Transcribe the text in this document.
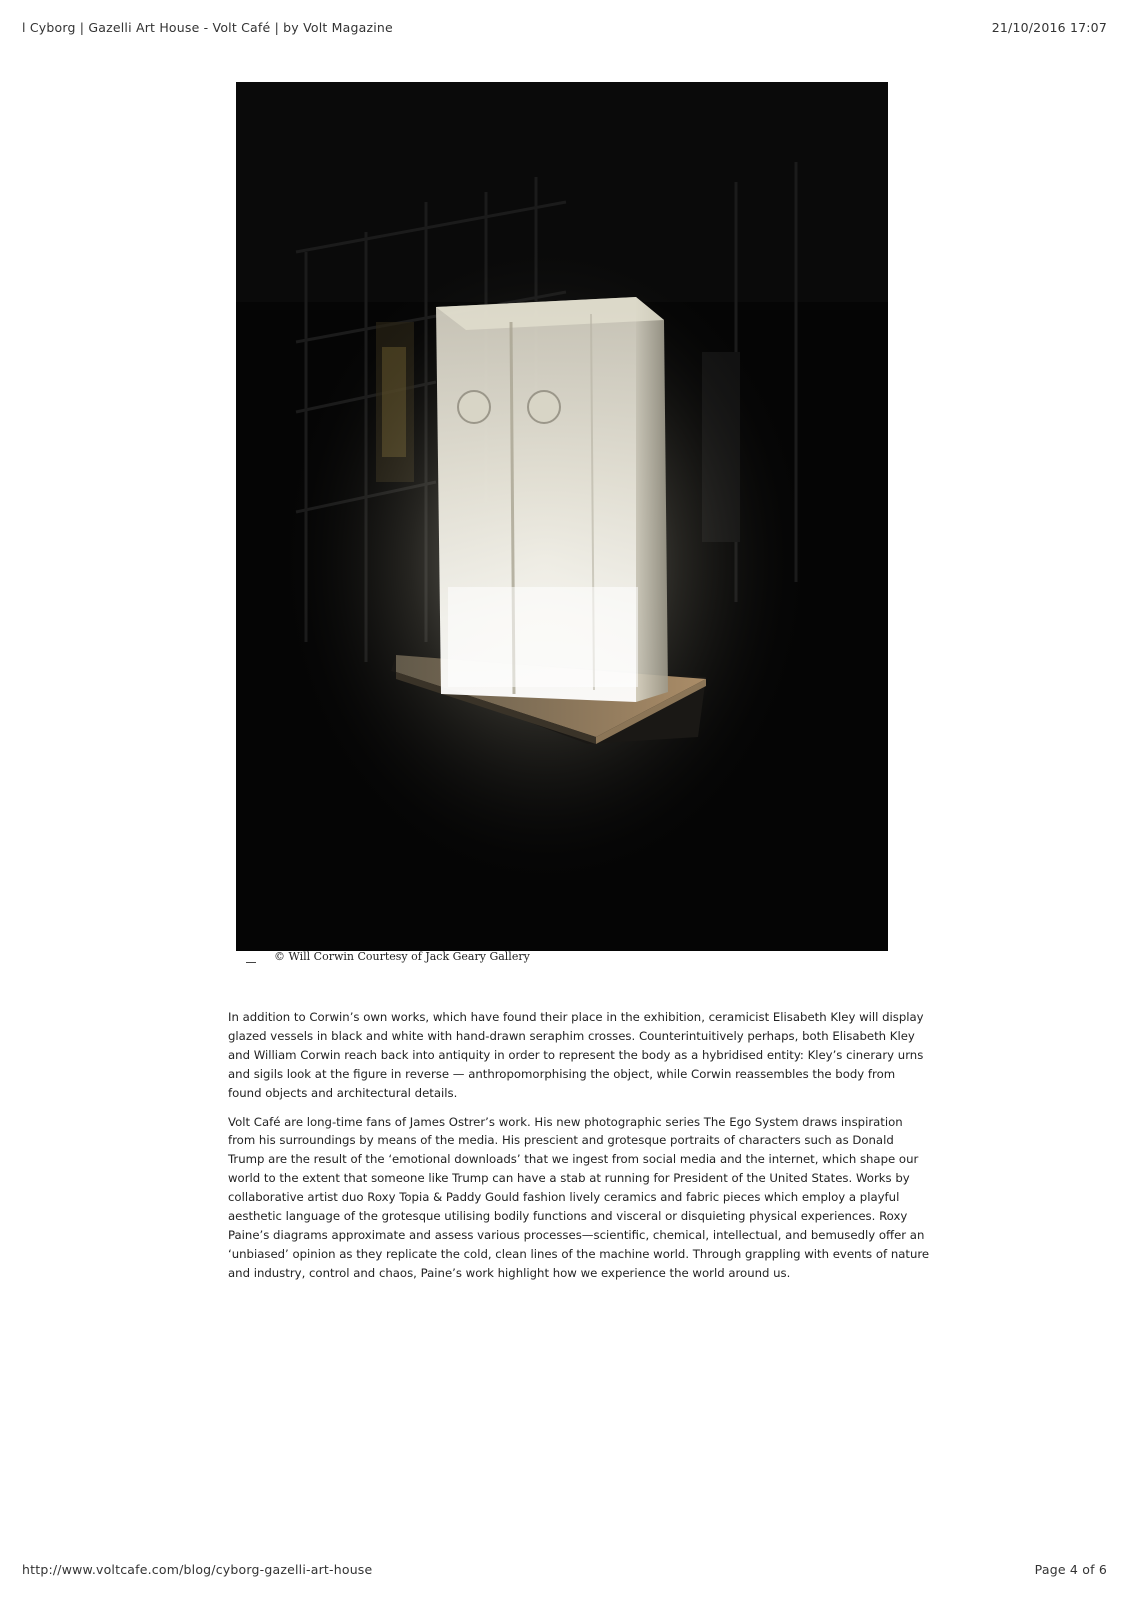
l Cyborg | Gazelli Art House - Volt Café | by Volt Magazine	21/10/2016 17:07
© Will Corwin Courtesy of Jack Geary Gallery

In addition to Corwin’s own works, which have found their place in the exhibition, ceramicist Elisabeth Kley will display glazed vessels in black and white with hand-drawn seraphim crosses. Counterintuitively perhaps, both Elisabeth Kley and William Corwin reach back into antiquity in order to represent the body as a hybridised entity: Kley’s cinerary urns and sigils look at the figure in reverse — anthropomorphising the object, while Corwin reassembles the body from found objects and architectural details.

Volt Café are long-time fans of James Ostrer’s work. His new photographic series The Ego System draws inspiration from his surroundings by means of the media. His prescient and grotesque portraits of characters such as Donald Trump are the result of the ‘emotional downloads’ that we ingest from social media and the internet, which shape our world to the extent that someone like Trump can have a stab at running for President of the United States. Works by collaborative artist duo Roxy Topia & Paddy Gould fashion lively ceramics and fabric pieces which employ a playful aesthetic language of the grotesque utilising bodily functions and visceral or disquieting physical experiences. Roxy Paine’s diagrams approximate and assess various processes—scientific, chemical, intellectual, and bemusedly offer an ‘unbiased’ opinion as they replicate the cold, clean lines of the machine world. Through grappling with events of nature and industry, control and chaos, Paine’s work highlight how we experience the world around us.

http://www.voltcafe.com/blog/cyborg-gazelli-art-house	Page 4 of 6
